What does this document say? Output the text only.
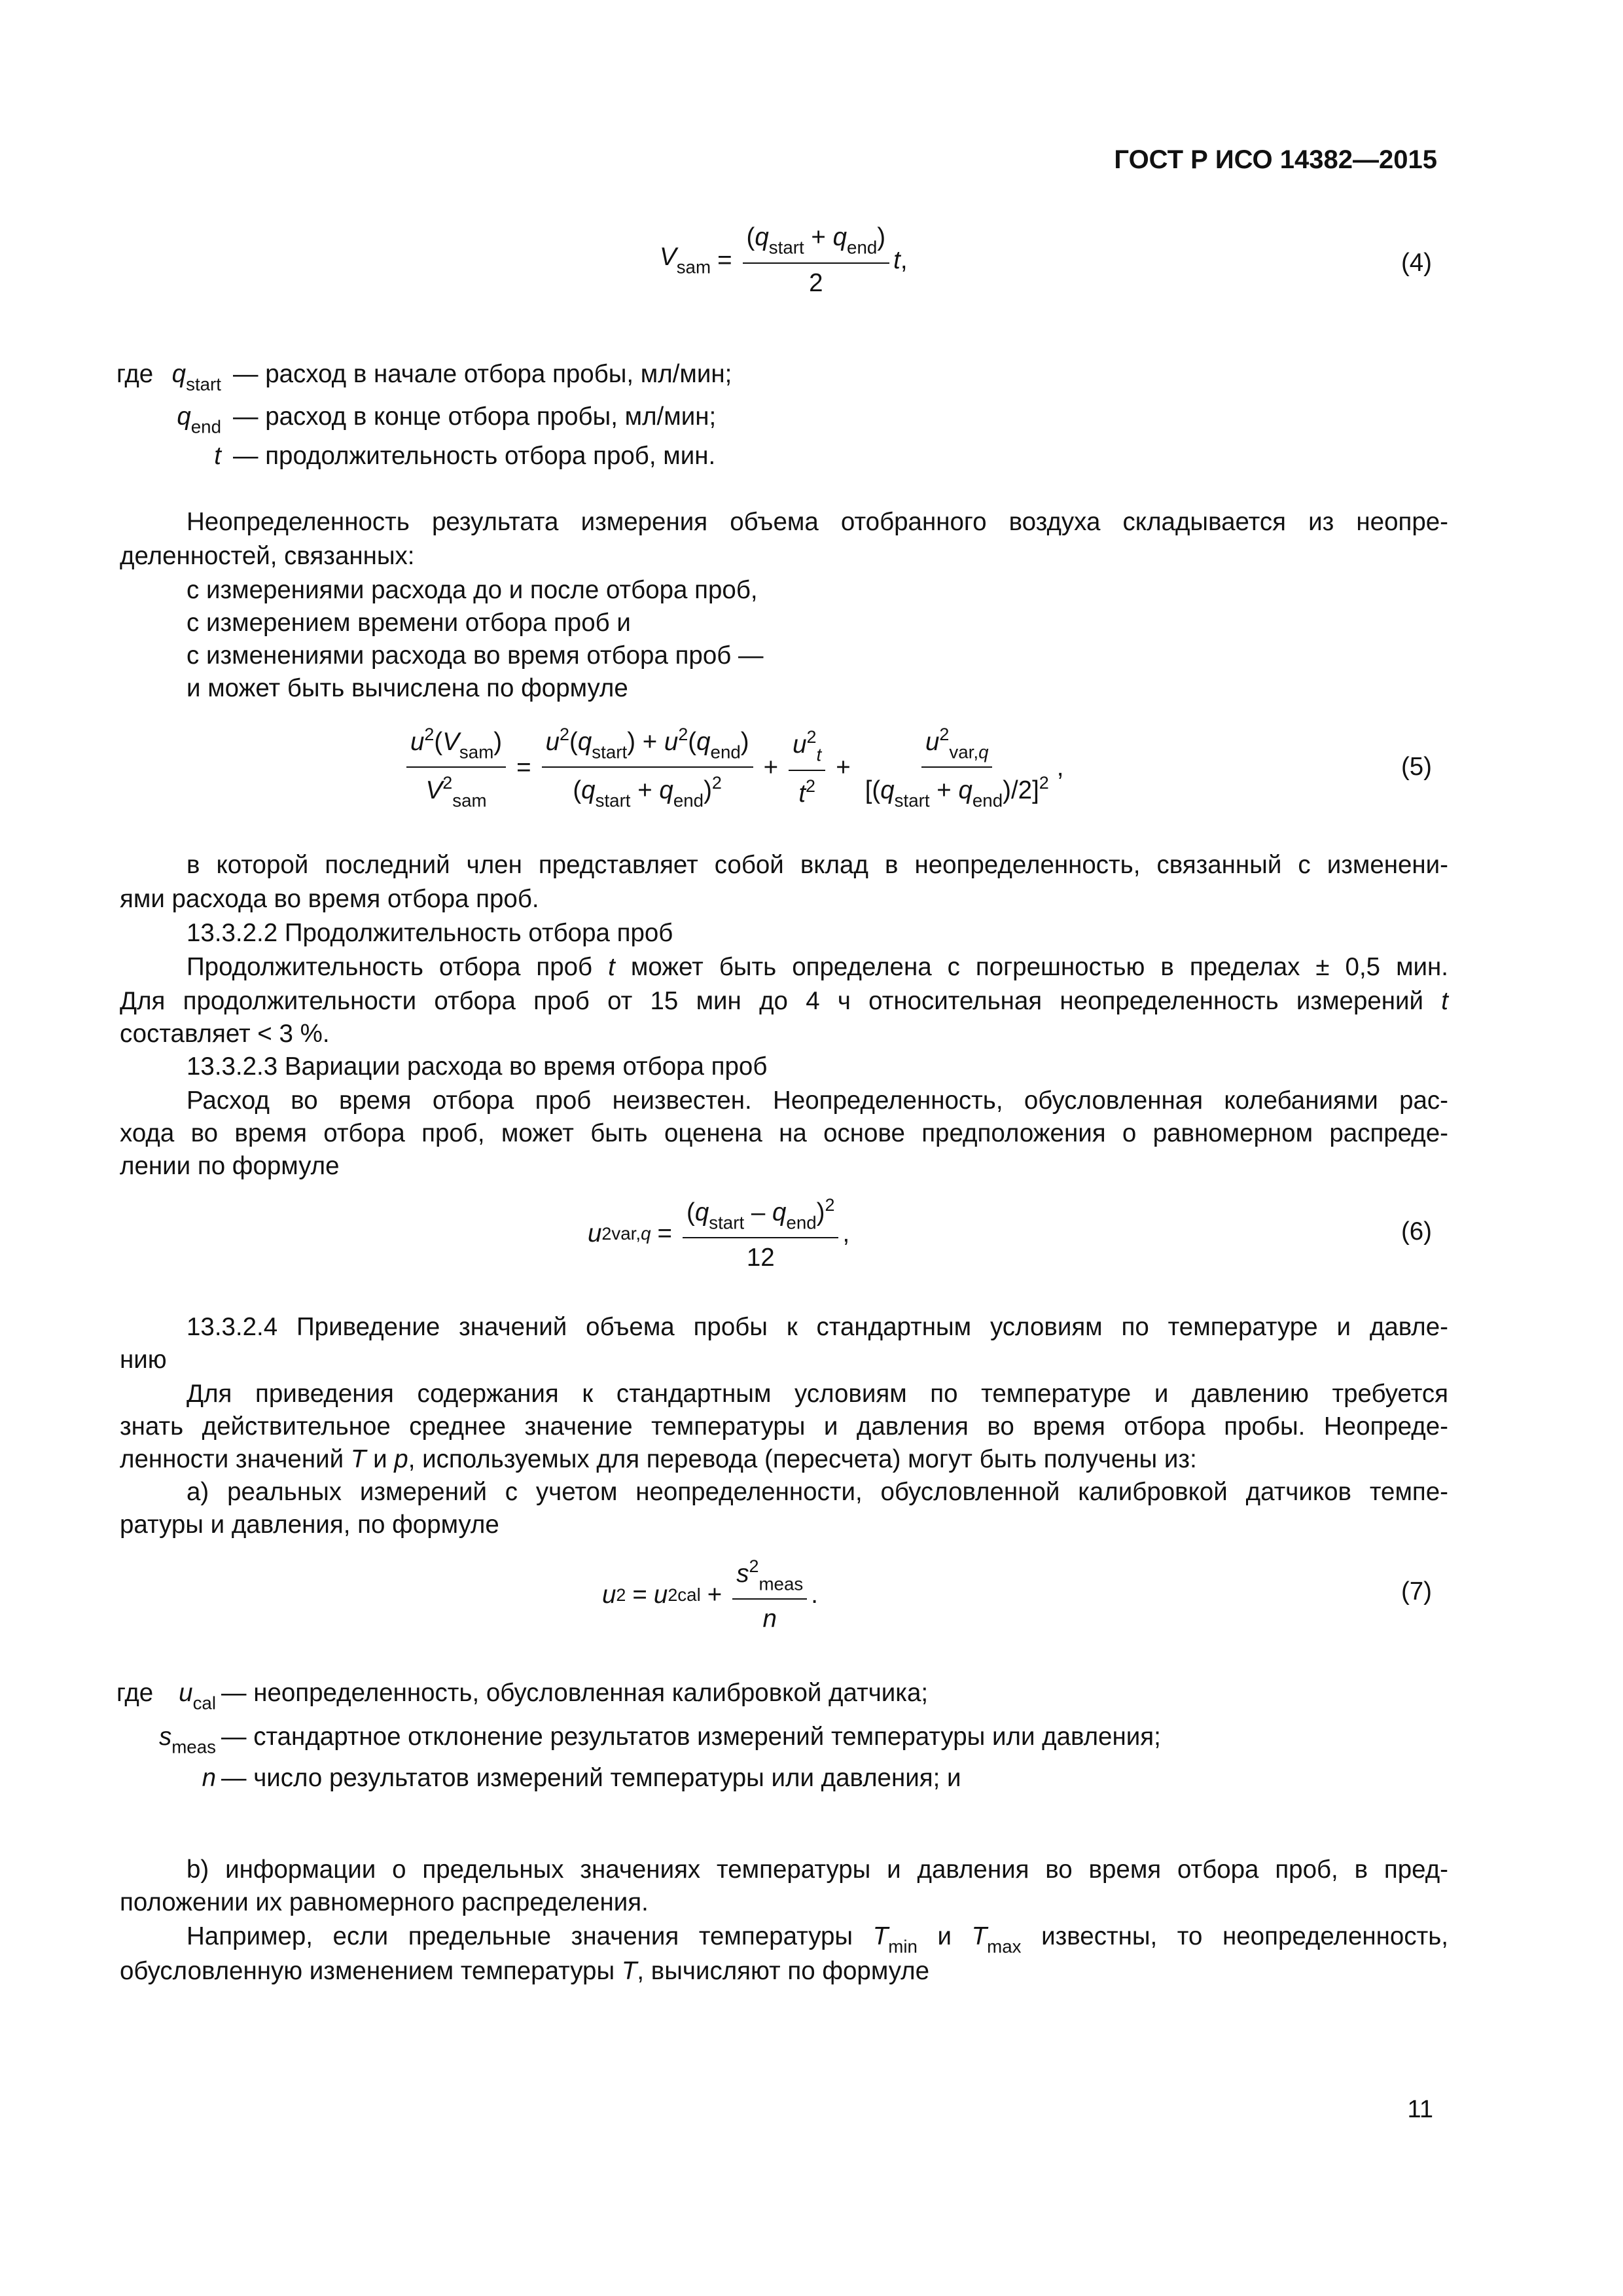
ГОСТ Р ИСО 14382—2015
$V_{sam} = \frac{(q_{start} + q_{end})}{2}$ t ,	(4)
где $q_{start}$ — расход в начале отбора пробы, мл/мин;
$q_{end}$ — расход в конце отбора пробы, мл/мин;
t — продолжительность отбора проб, мин.
Неопределенность результата измерения объема отобранного воздуха складывается из неопре-
деленностей, связанных:
с измерениями расхода до и после отбора проб,
с измерением времени отбора проб и
с изменениями расхода во время отбора проб —
и может быть вычислена по формуле
$\frac{u^2(V_{sam})}{V^2_{sam}} = \frac{u^2(q_{start}) + u^2(q_{end})}{(q_{start} + q_{end})^2} + \frac{u^2_t}{t^2} + \frac{u^2_{var,q}}{[(q_{start} + q_{end})/2]^2}$ ,	(5)
в которой последний член представляет собой вклад в неопределенность, связанный с изменени-
ями расхода во время отбора проб.
13.3.2.2 Продолжительность отбора проб
Продолжительность отбора проб t может быть определена с погрешностью в пределах ± 0,5 мин.
Для продолжительности отбора проб от 15 мин до 4 ч относительная неопределенность измерений t
составляет < 3 %.
13.3.2.3 Вариации расхода во время отбора проб
Расход во время отбора проб неизвестен. Неопределенность, обусловленная колебаниями рас-
хода во время отбора проб, может быть оценена на основе предположения о равномерном распреде-
лении по формуле
u 2 $var,q = \frac{(q_{start} - q_{end})^2}{12}$ ,	(6)
13.3.2.4 Приведение значений объема пробы к стандартным условиям по температуре и давле-
нию
Для приведения содержания к стандартным условиям по температуре и давлению требуется
знать действительное среднее значение температуры и давления во время отбора пробы. Неопреде-
ленности значений T и p, используемых для перевода (пересчета) могут быть получены из:
a) реальных измерений с учетом неопределенности, обусловленной калибровкой датчиков темпе-
ратуры и давления, по формуле
u 2 = u 2 cal + $\frac{s^2_{meas}}{n}$ .	(7)
где	$u_{cal}$ — неопределенность, обусловленная калибровкой датчика;
$s_{meas}$ — стандартное отклонение результатов измерений температуры или давления;
n — число результатов измерений температуры или давления; и
b) информации о предельных значениях температуры и давления во время отбора проб, в пред-
положении их равномерного распределения.
Например, если предельные значения температуры $T_{min}$ и $T_{max}$ известны, то неопределенность,
обусловленную изменением температуры T, вычисляют по формуле
11
